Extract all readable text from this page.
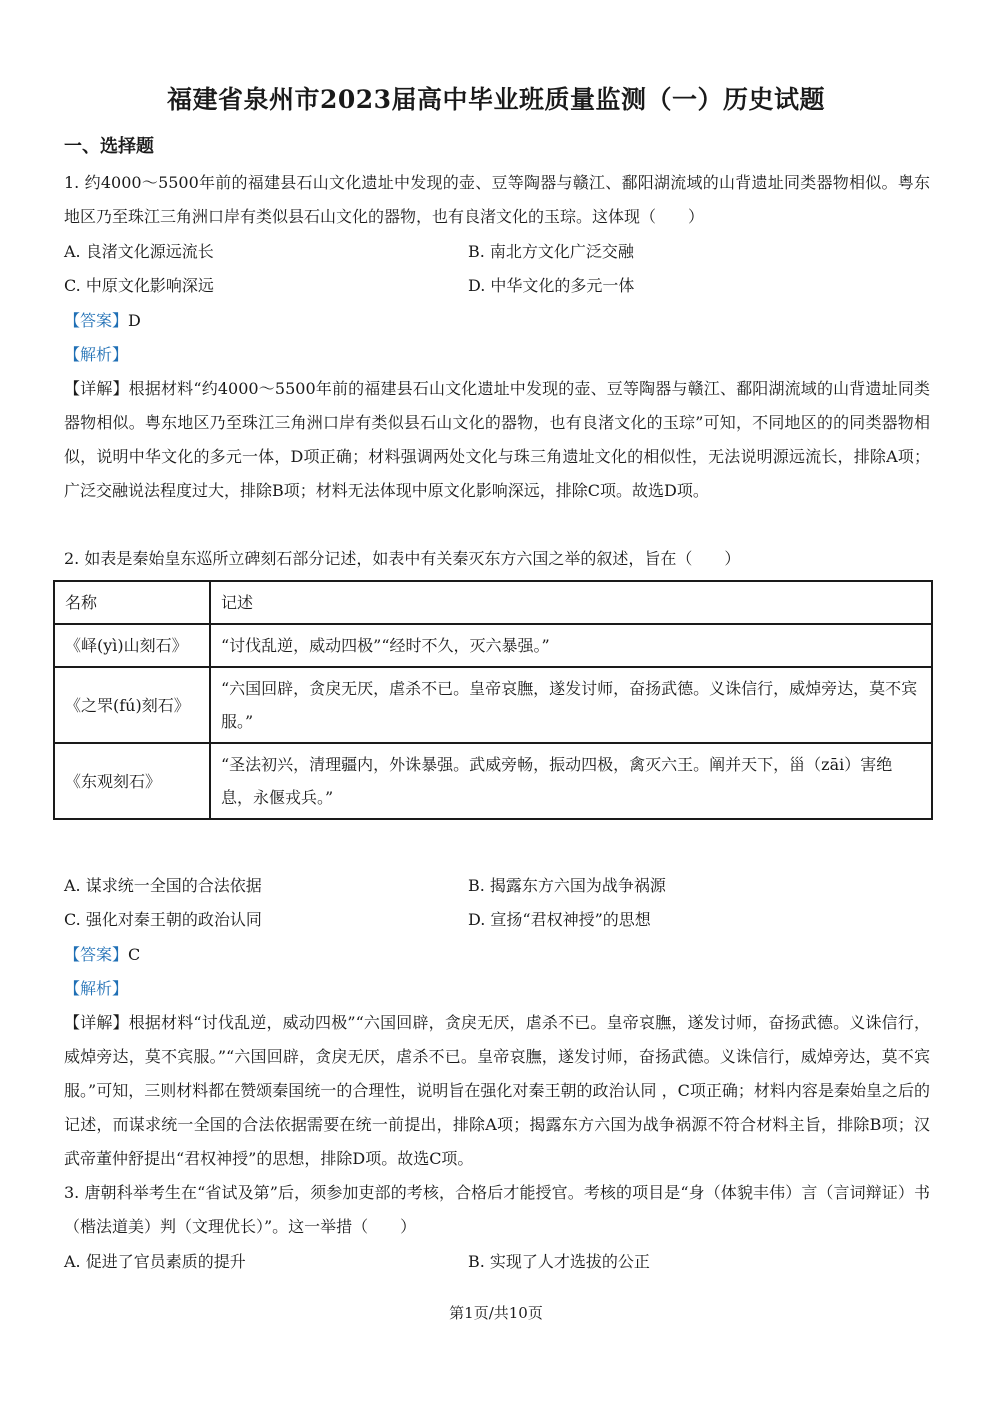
福建省泉州市2023届高中毕业班质量监测（一）历史试题
一、选择题
1. 约4000～5500年前的福建县石山文化遗址中发现的壶、豆等陶器与赣江、鄱阳湖流域的山背遗址同类器物相似。粤东地区乃至珠江三角洲口岸有类似县石山文化的器物，也有良渚文化的玉琮。这体现（　　）
A. 良渚文化源远流长	B. 南北方文化广泛交融
C. 中原文化影响深远	D. 中华文化的多元一体
【答案】D
【解析】
【详解】根据材料“约4000～5500年前的福建县石山文化遗址中发现的壶、豆等陶器与赣江、鄱阳湖流域的山背遗址同类器物相似。粤东地区乃至珠江三角洲口岸有类似县石山文化的器物，也有良渚文化的玉琮”可知，不同地区的的同类器物相似，说明中华文化的多元一体，D项正确；材料强调两处文化与珠三角遗址文化的相似性，无法说明源远流长，排除A项；广泛交融说法程度过大，排除B项；材料无法体现中原文化影响深远，排除C项。故选D项。
2. 如表是秦始皇东巡所立碑刻石部分记述，如表中有关秦灭东方六国之举的叙述，旨在（　　）
名称	记述
《峄(yì)山刻石》	“讨伐乱逆，威动四极”“经时不久，灭六暴强。”
《之罘(fú)刻石》	“六国回辟，贪戾无厌，虐杀不已。皇帝哀膴，遂发讨师，奋扬武德。义诛信行，威焯旁达，莫不宾服。”
《东观刻石》	“圣法初兴，清理疆内，外诛暴强。武威旁畅，振动四极，禽灭六王。阐并天下，甾（zāi）害绝息，永偃戎兵。”
A. 谋求统一全国的合法依据	B. 揭露东方六国为战争祸源
C. 强化对秦王朝的政治认同	D. 宣扬“君权神授”的思想
【答案】C
【解析】
【详解】根据材料“讨伐乱逆，威动四极”“六国回辟，贪戾无厌，虐杀不已。皇帝哀膴，遂发讨师，奋扬武德。义诛信行，威焯旁达，莫不宾服。”“六国回辟，贪戾无厌，虐杀不已。皇帝哀膴，遂发讨师，奋扬武德。义诛信行，威焯旁达，莫不宾服。”可知，三则材料都在赞颂秦国统一的合理性，说明旨在强化对秦王朝的政治认同 ，C项正确；材料内容是秦始皇之后的记述，而谋求统一全国的合法依据需要在统一前提出，排除A项；揭露东方六国为战争祸源不符合材料主旨，排除B项；汉武帝董仲舒提出“君权神授”的思想，排除D项。故选C项。
3. 唐朝科举考生在“省试及第”后，须参加吏部的考核，合格后才能授官。考核的项目是“身（体貌丰伟）言（言词辩证）书（楷法道美）判（文理优长）”。这一举措（　　）
A. 促进了官员素质的提升	B. 实现了人才选拔的公正
第1页/共10页
